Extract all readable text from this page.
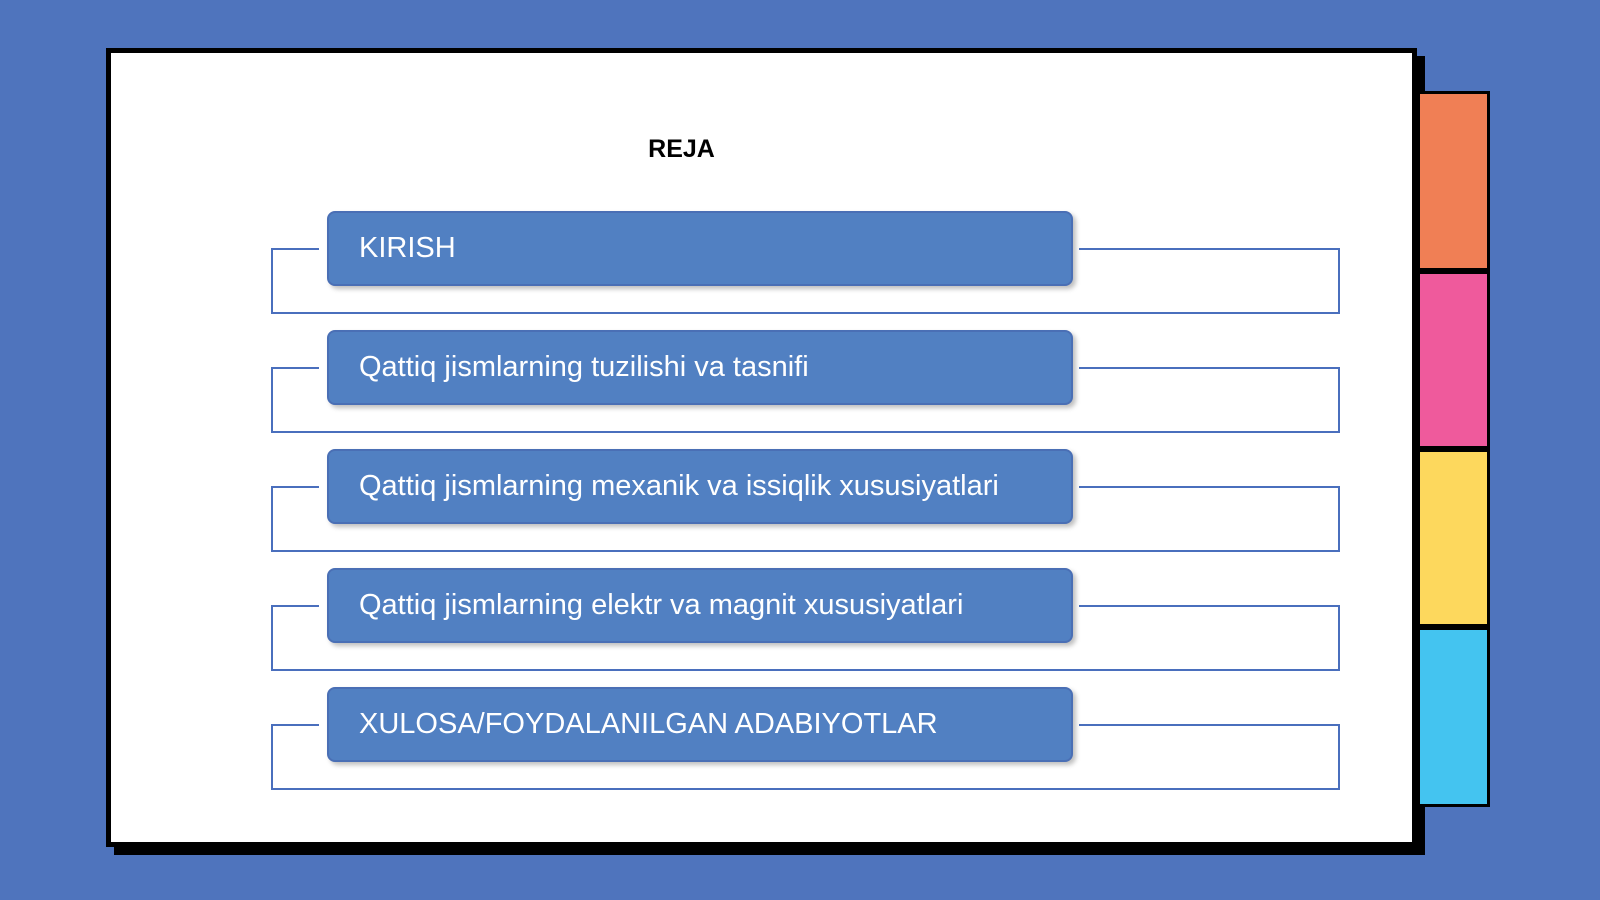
REJA
KIRISH
Qattiq jismlarning tuzilishi va tasnifi
Qattiq jismlarning mexanik va issiqlik xususiyatlari
Qattiq jismlarning elektr va magnit xususiyatlari
XULOSA/FOYDALANILGAN ADABIYOTLAR
